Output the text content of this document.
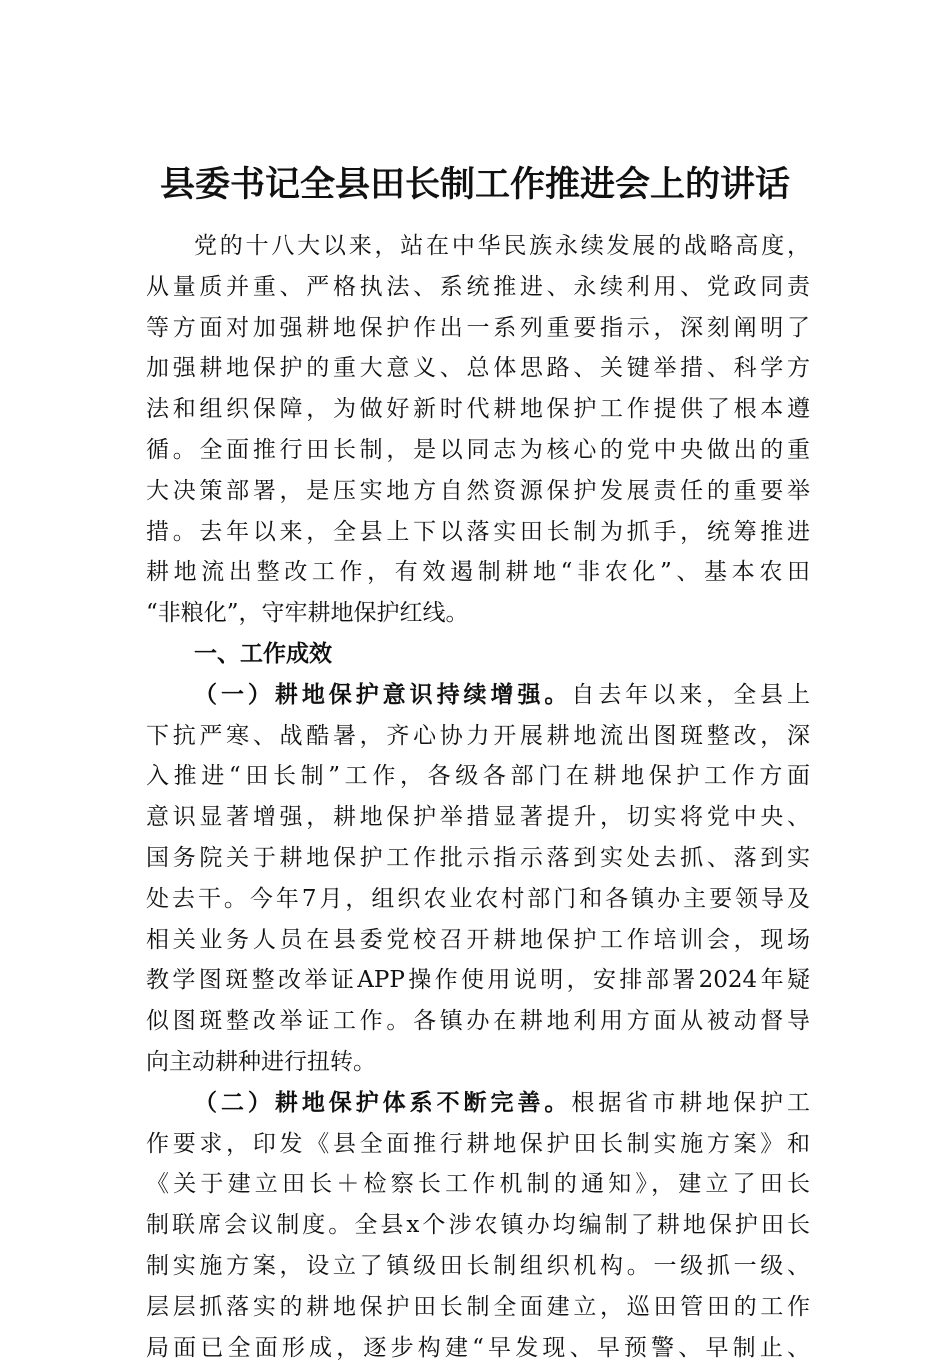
县委书记全县田长制工作推进会上的讲话
党的十八大以来，站在中华民族永续发展的战略高度，
从量质并重、严格执法、系统推进、永续利用、党政同责
等方面对加强耕地保护作出一系列重要指示，深刻阐明了
加强耕地保护的重大意义、总体思路、关键举措、科学方
法和组织保障，为做好新时代耕地保护工作提供了根本遵
循。全面推行田长制，是以同志为核心的党中央做出的重
大决策部署，是压实地方自然资源保护发展责任的重要举
措。去年以来，全县上下以落实田长制为抓手，统筹推进
耕地流出整改工作，有效遏制耕地“非农化”、基本农田
“非粮化”，守牢耕地保护红线。
一、工作成效
（一）耕地保护意识持续增强。自去年以来，全县上
下抗严寒、战酷暑，齐心协力开展耕地流出图斑整改，深
入推进“田长制”工作，各级各部门在耕地保护工作方面
意识显著增强，耕地保护举措显著提升，切实将党中央、
国务院关于耕地保护工作批示指示落到实处去抓、落到实
处去干。今年7月，组织农业农村部门和各镇办主要领导及
相关业务人员在县委党校召开耕地保护工作培训会，现场
教学图斑整改举证APP操作使用说明，安排部署2024年疑
似图斑整改举证工作。各镇办在耕地利用方面从被动督导
向主动耕种进行扭转。
（二）耕地保护体系不断完善。根据省市耕地保护工
作要求，印发《县全面推行耕地保护田长制实施方案》和
《关于建立田长＋检察长工作机制的通知》，建立了田长
制联席会议制度。全县x个涉农镇办均编制了耕地保护田长
制实施方案，设立了镇级田长制组织机构。一级抓一级、
层层抓落实的耕地保护田长制全面建立，巡田管田的工作
局面已全面形成，逐步构建“早发现、早预警、早制止、
